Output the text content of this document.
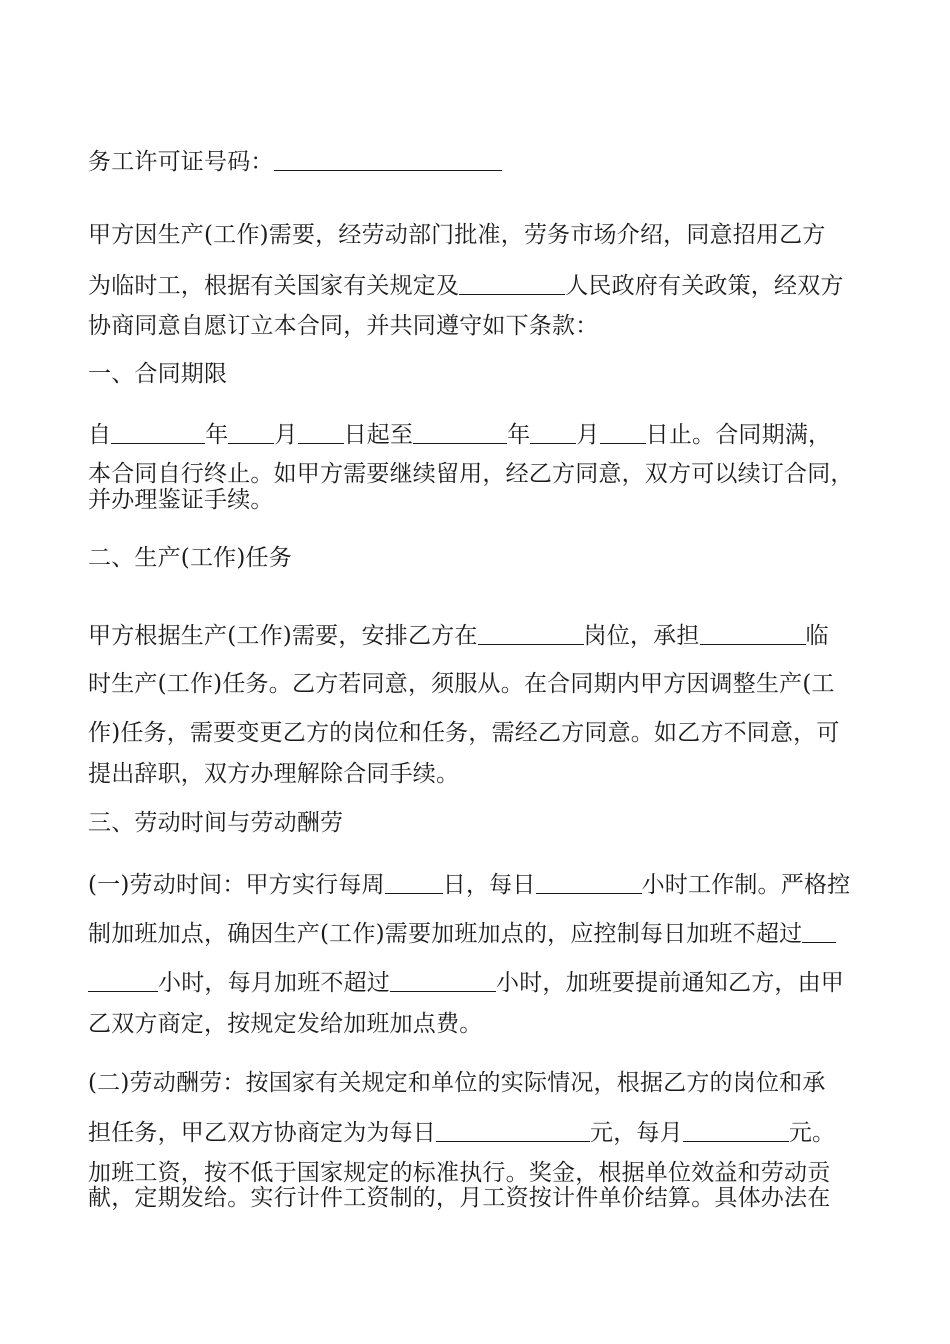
务工许可证号码：
甲方因生产(工作)需要，经劳动部门批准，劳务市场介绍，同意招用乙方
为临时工，根据有关国家有关规定及	人民政府有关政策，经双方
协商同意自愿订立本合同，并共同遵守如下条款：
一、合同期限
自	年 月 日起至	年 月 日止。合同期满，
本合同自行终止。如甲方需要继续留用，经乙方同意，双方可以续订合同，
并办理鉴证手续。
二、生产(工作)任务
甲方根据生产(工作)需要，安排乙方在	岗位，承担	临
时生产(工作)任务。乙方若同意，须服从。在合同期内甲方因调整生产(工
作)任务，需要变更乙方的岗位和任务，需经乙方同意。如乙方不同意，可
提出辞职，双方办理解除合同手续。
三、劳动时间与劳动酬劳
(一)劳动时间：甲方实行每周	日，每日	小时工作制。严格控
制加班加点，确因生产(工作)需要加班加点的，应控制每日加班不超过
小时，每月加班不超过	小时，加班要提前通知乙方，由甲
乙双方商定，按规定发给加班加点费。
(二)劳动酬劳：按国家有关规定和单位的实际情况，根据乙方的岗位和承
担任务，甲乙双方协商定为为每日	元，每月	元。
加班工资，按不低于国家规定的标准执行。奖金，根据单位效益和劳动贡
献，定期发给。实行计件工资制的，月工资按计件单价结算。具体办法在
